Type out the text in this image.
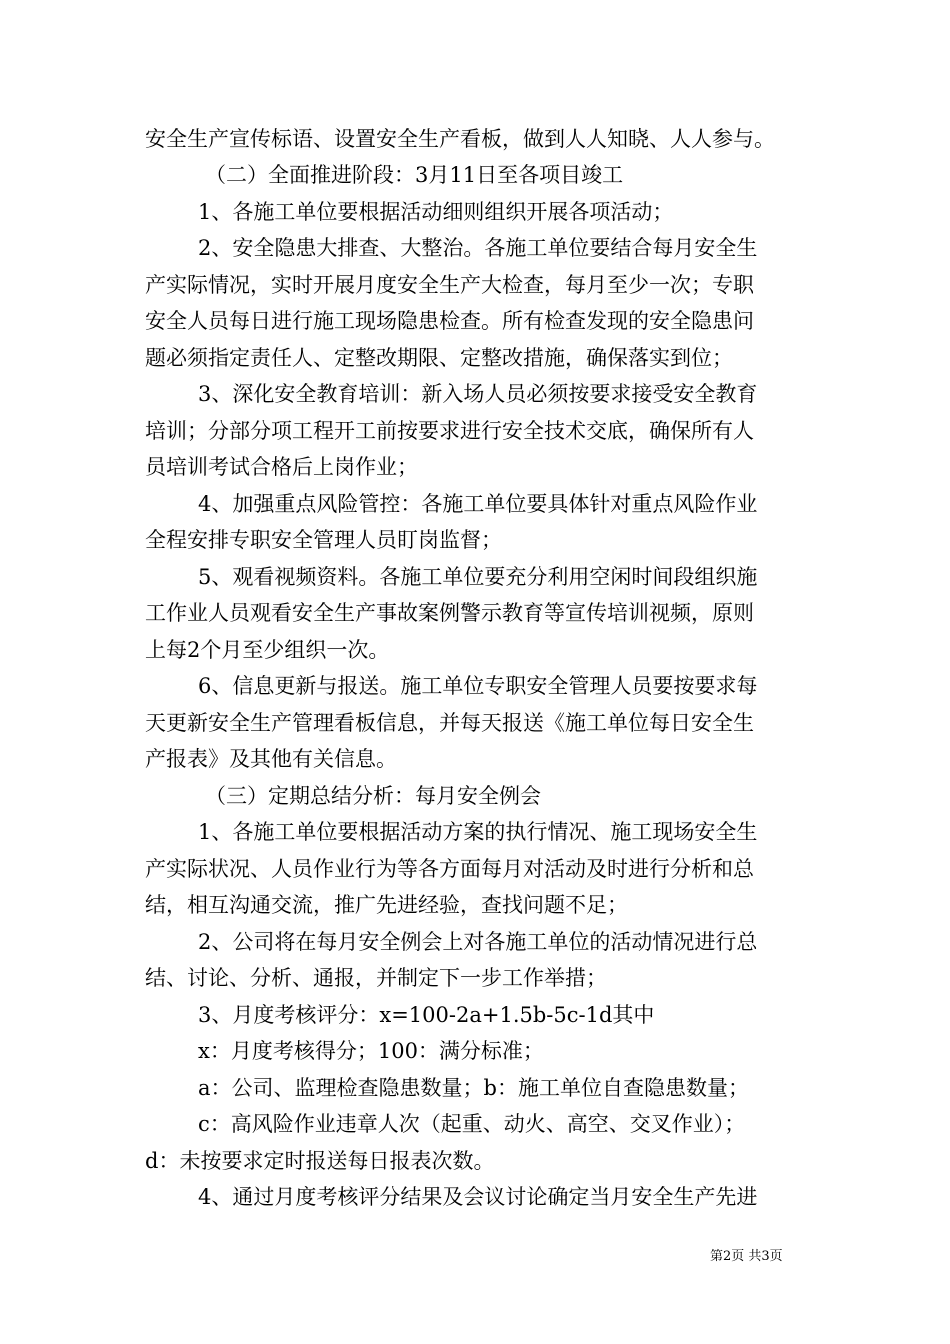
安全生产宣传标语、设置安全生产看板，做到人人知晓、人人参与。
（二）全面推进阶段：3月11日至各项目竣工
1、各施工单位要根据活动细则组织开展各项活动；
2、安全隐患大排查、大整治。各施工单位要结合每月安全生
产实际情况，实时开展月度安全生产大检查，每月至少一次；专职
安全人员每日进行施工现场隐患检查。所有检查发现的安全隐患问
题必须指定责任人、定整改期限、定整改措施，确保落实到位；
3、深化安全教育培训：新入场人员必须按要求接受安全教育
培训；分部分项工程开工前按要求进行安全技术交底，确保所有人
员培训考试合格后上岗作业；
4、加强重点风险管控：各施工单位要具体针对重点风险作业
全程安排专职安全管理人员盯岗监督；
5、观看视频资料。各施工单位要充分利用空闲时间段组织施
工作业人员观看安全生产事故案例警示教育等宣传培训视频，原则
上每2个月至少组织一次。
6、信息更新与报送。施工单位专职安全管理人员要按要求每
天更新安全生产管理看板信息，并每天报送《施工单位每日安全生
产报表》及其他有关信息。
（三）定期总结分析：每月安全例会
1、各施工单位要根据活动方案的执行情况、施工现场安全生
产实际状况、人员作业行为等各方面每月对活动及时进行分析和总
结，相互沟通交流，推广先进经验，查找问题不足；
2、公司将在每月安全例会上对各施工单位的活动情况进行总
结、讨论、分析、通报，并制定下一步工作举措；
3、月度考核评分：x=100-2a+1.5b-5c-1d其中
x：月度考核得分；100：满分标准；
a：公司、监理检查隐患数量；b：施工单位自查隐患数量；
c：高风险作业违章人次（起重、动火、高空、交叉作业）；
d：未按要求定时报送每日报表次数。
4、通过月度考核评分结果及会议讨论确定当月安全生产先进
第2页 共3页
